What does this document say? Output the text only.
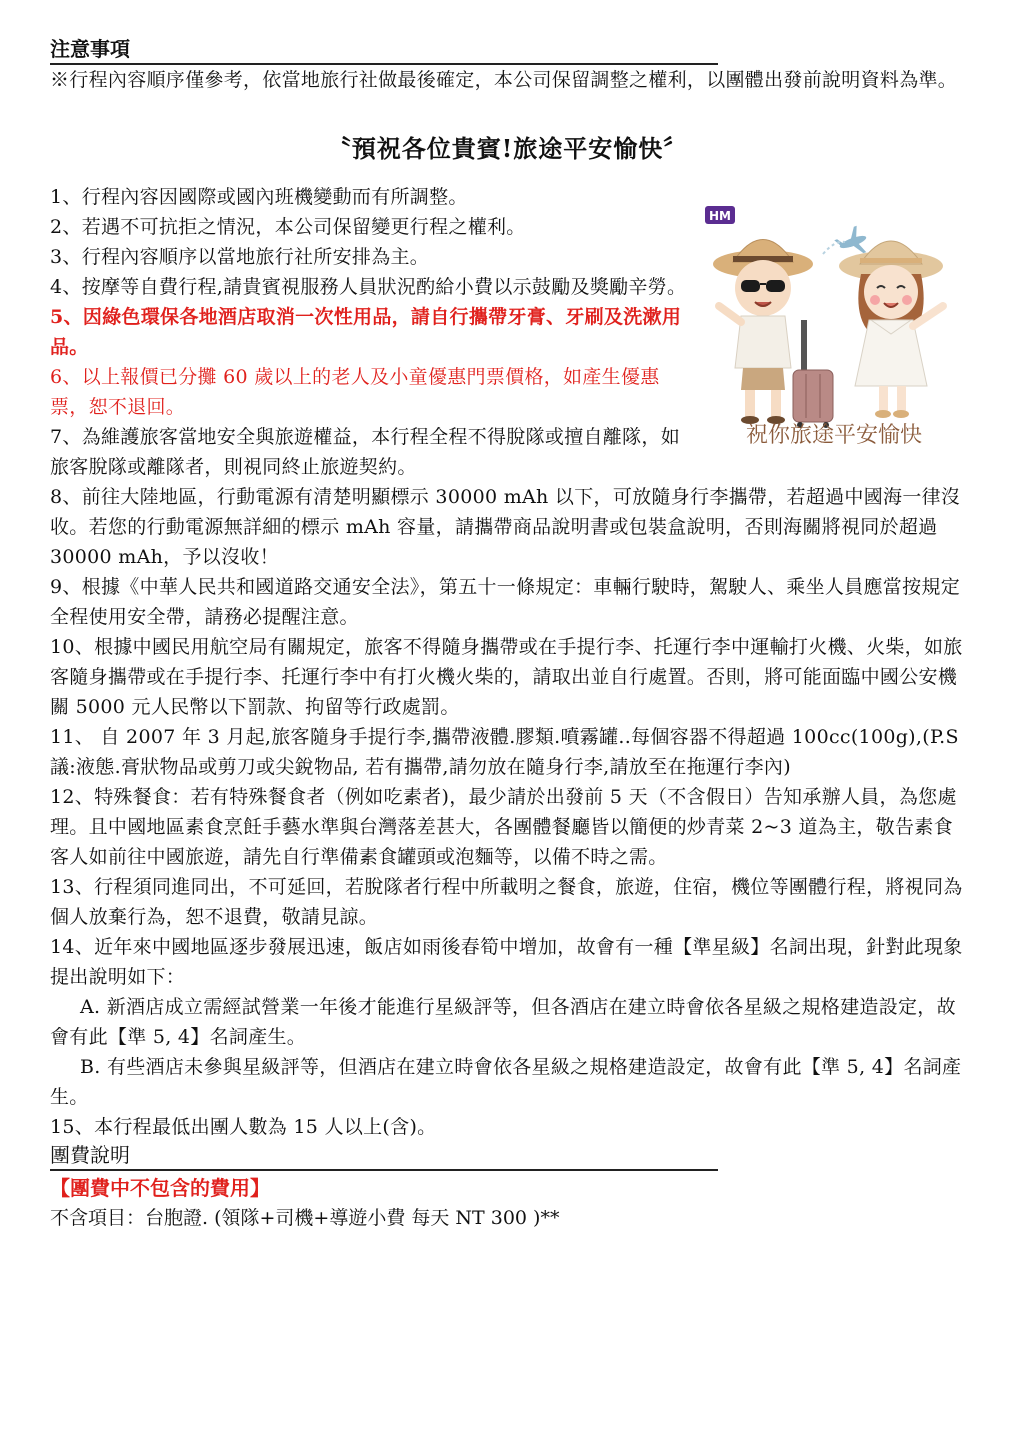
注意事項

※行程內容順序僅參考，依當地旅行社做最後確定，本公司保留調整之權利，以團體出發前說明資料為準。

〝預祝各位貴賓!旅途平安愉快〞
HM
祝你旅途平安愉快

1、行程內容因國際或國內班機變動而有所調整。

2、若遇不可抗拒之情況，本公司保留變更行程之權利。

3、行程內容順序以當地旅行社所安排為主。

4、按摩等自費行程,請貴賓視服務人員狀況酌給小費以示鼓勵及獎勵辛勞。

5、因綠色環保各地酒店取消一次性用品，請自行攜帶牙膏、牙刷及洗漱用品。

6、以上報價已分攤 60 歲以上的老人及小童優惠門票價格，如產生優惠票，恕不退回。

7、為維護旅客當地安全與旅遊權益，本行程全程不得脫隊或擅自離隊，如旅客脫隊或離隊者，則視同終止旅遊契約。

8、前往大陸地區，行動電源有清楚明顯標示 30000 mAh 以下，可放隨身行李攜帶，若超過中國海一律沒收。若您的行動電源無詳細的標示 mAh 容量，請攜帶商品說明書或包裝盒說明，否則海關將視同於超過 30000 mAh，予以沒收！

9、根據《中華人民共和國道路交通安全法》，第五十一條規定：車輛行駛時，駕駛人、乘坐人員應當按規定全程使用安全帶，請務必提醒注意。

10、根據中國民用航空局有關規定，旅客不得隨身攜帶或在手提行李、托運行李中運輸打火機、火柴，如旅客隨身攜帶或在手提行李、托運行李中有打火機火柴的，請取出並自行處置。否則，將可能面臨中國公安機關 5000 元人民幣以下罰款、拘留等行政處罰。

11、 自 2007 年 3 月起,旅客隨身手提行李,攜帶液體.膠類.噴霧罐..每個容器不得超過 100cc(100g),(P.S 議:液態.膏狀物品或剪刀或尖銳物品, 若有攜帶,請勿放在隨身行李,請放至在拖運行李內)

12、特殊餐食：若有特殊餐食者（例如吃素者)，最少請於出發前 5 天（不含假日）告知承辦人員，為您處理。且中國地區素食烹飪手藝水準與台灣落差甚大，各團體餐廳皆以簡便的炒青菜 2~3 道為主，敬告素食客人如前往中國旅遊，請先自行準備素食罐頭或泡麵等，以備不時之需。

13、行程須同進同出，不可延回，若脫隊者行程中所載明之餐食，旅遊，住宿，機位等團體行程，將視同為個人放棄行為，恕不退費，敬請見諒。

14、近年來中國地區逐步發展迅速，飯店如雨後春筍中增加，故會有一種【準星級】名詞出現，針對此現象提出說明如下：

A. 新酒店成立需經試營業一年後才能進行星級評等，但各酒店在建立時會依各星級之規格建造設定，故會有此【準 5, 4】名詞產生。

B. 有些酒店未參與星級評等，但酒店在建立時會依各星級之規格建造設定，故會有此【準 5, 4】名詞產生。

15、本行程最低出團人數為 15 人以上(含)。

團費說明
【團費中不包含的費用】
不含項目：台胞證. (領隊+司機+導遊小費 每天 NT 300 )**
